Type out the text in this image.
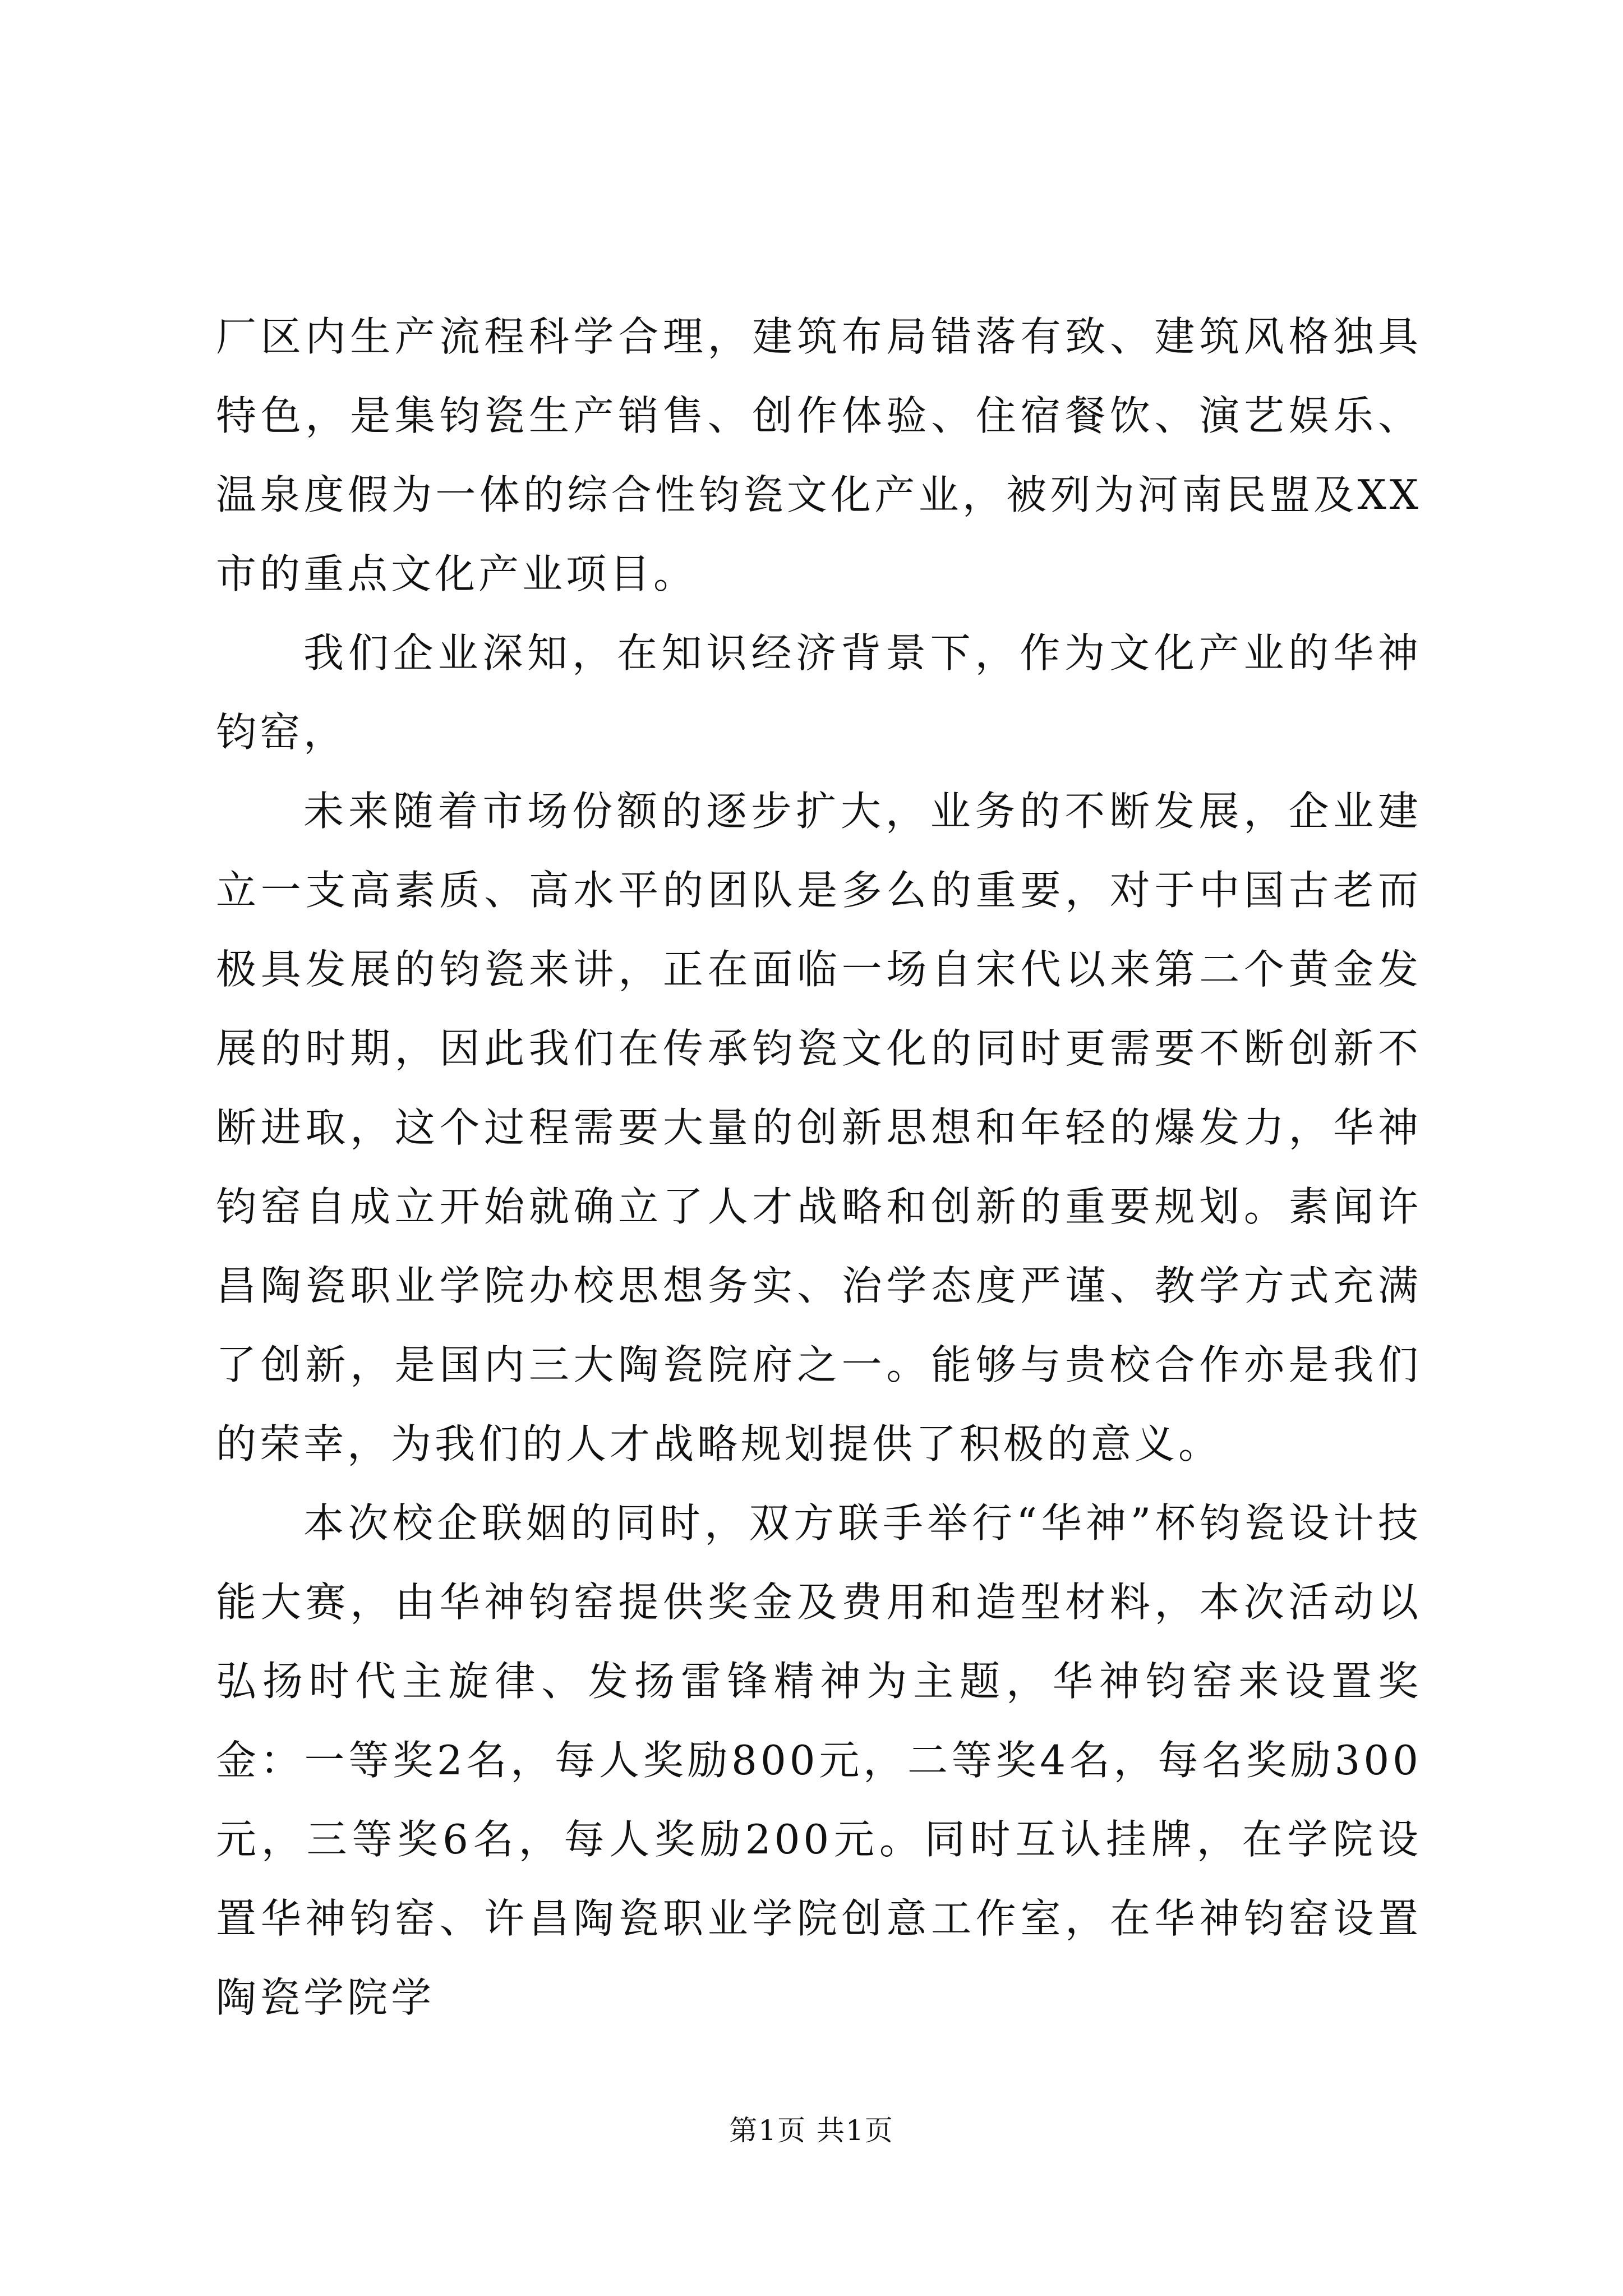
厂区内生产流程科学合理，建筑布局错落有致、建筑风格独具特色，是集钧瓷生产销售、创作体验、住宿餐饮、演艺娱乐、温泉度假为一体的综合性钧瓷文化产业，被列为河南民盟及XX市的重点文化产业项目。

我们企业深知，在知识经济背景下，作为文化产业的华神钧窑，

未来随着市场份额的逐步扩大，业务的不断发展，企业建立一支高素质、高水平的团队是多么的重要，对于中国古老而极具发展的钧瓷来讲，正在面临一场自宋代以来第二个黄金发展的时期，因此我们在传承钧瓷文化的同时更需要不断创新不断进取，这个过程需要大量的创新思想和年轻的爆发力，华神钧窑自成立开始就确立了人才战略和创新的重要规划。素闻许昌陶瓷职业学院办校思想务实、治学态度严谨、教学方式充满了创新，是国内三大陶瓷院府之一。能够与贵校合作亦是我们的荣幸，为我们的人才战略规划提供了积极的意义。

本次校企联姻的同时，双方联手举行“华神”杯钧瓷设计技能大赛，由华神钧窑提供奖金及费用和造型材料，本次活动以弘扬时代主旋律、发扬雷锋精神为主题，华神钧窑来设置奖金：一等奖2名，每人奖励800元，二等奖4名，每名奖励300元，三等奖6名，每人奖励200元。同时互认挂牌，在学院设置华神钧窑、许昌陶瓷职业学院创意工作室，在华神钧窑设置陶瓷学院学

第1页 共1页
